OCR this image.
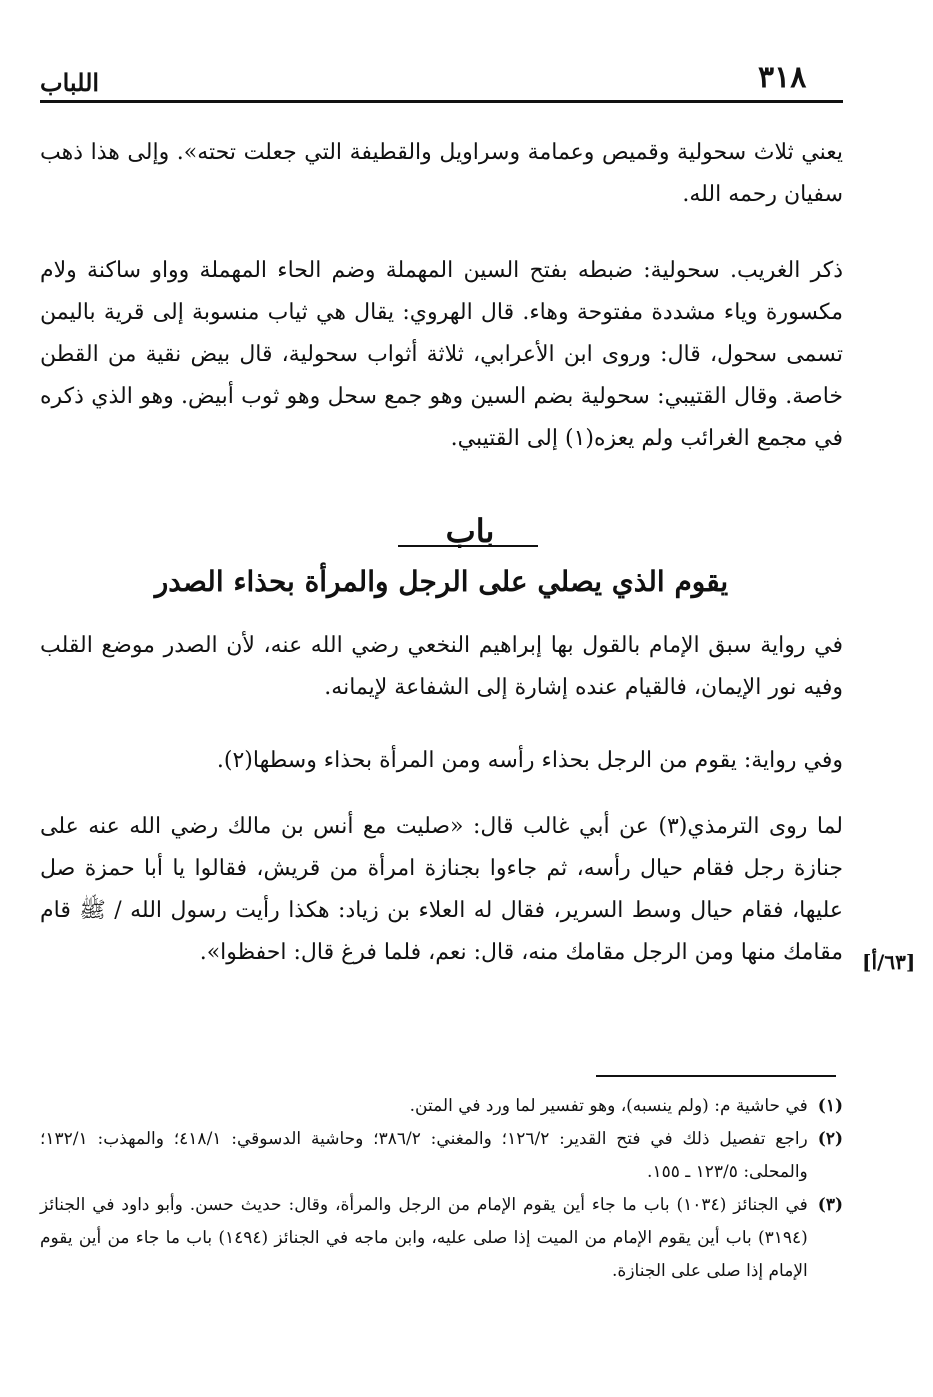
٣١٨
اللباب
يعني ثلاث سحولية وقميص وعمامة وسراويل والقطيفة التي جعلت تحته». وإلى هذا ذهب سفيان رحمه الله.
ذكر الغريب. سحولية: ضبطه بفتح السين المهملة وضم الحاء المهملة وواو ساكنة ولام مكسورة وياء مشددة مفتوحة وهاء. قال الهروي: يقال هي ثياب منسوبة إلى قرية باليمن تسمى سحول، قال: وروى ابن الأعرابي، ثلاثة أثواب سحولية، قال بيض نقية من القطن خاصة. وقال القتيبي: سحولية بضم السين وهو جمع سحل وهو ثوب أبيض. وهو الذي ذكره في مجمع الغرائب ولم يعزه(١) إلى القتيبي.
باب
يقوم الذي يصلي على الرجل والمرأة بحذاء الصدر
في رواية سبق الإمام بالقول بها إبراهيم النخعي رضي الله عنه، لأن الصدر موضع القلب وفيه نور الإيمان، فالقيام عنده إشارة إلى الشفاعة لإيمانه.
وفي رواية: يقوم من الرجل بحذاء رأسه ومن المرأة بحذاء وسطها(٢).
لما روى الترمذي(٣) عن أبي غالب قال: «صليت مع أنس بن مالك رضي الله عنه على جنازة رجل فقام حيال رأسه، ثم جاءوا بجنازة امرأة من قريش، فقالوا يا أبا حمزة صل عليها، فقام حيال وسط السرير، فقال له العلاء بن زياد: هكذا رأيت رسول الله / ﷺ قام مقامك منها ومن الرجل مقامك منه، قال: نعم، فلما فرغ قال: احفظوا». [٦٣/أ]
(١)
في حاشية م: (ولم ينسبه)، وهو تفسير لما ورد في المتن.
(٢)
راجع تفصيل ذلك في فتح القدير: ١٢٦/٢؛ والمغني: ٣٨٦/٢؛ وحاشية الدسوقي: ٤١٨/١؛ والمهذب: ١٣٢/١؛ والمحلى: ١٢٣/٥ ـ ١٥٥.
(٣)
في الجنائز (١٠٣٤) باب ما جاء أين يقوم الإمام من الرجل والمرأة، وقال: حديث حسن. وأبو داود في الجنائز (٣١٩٤) باب أين يقوم الإمام من الميت إذا صلى عليه، وابن ماجه في الجنائز (١٤٩٤) باب ما جاء من أين يقوم الإمام إذا صلى على الجنازة.
